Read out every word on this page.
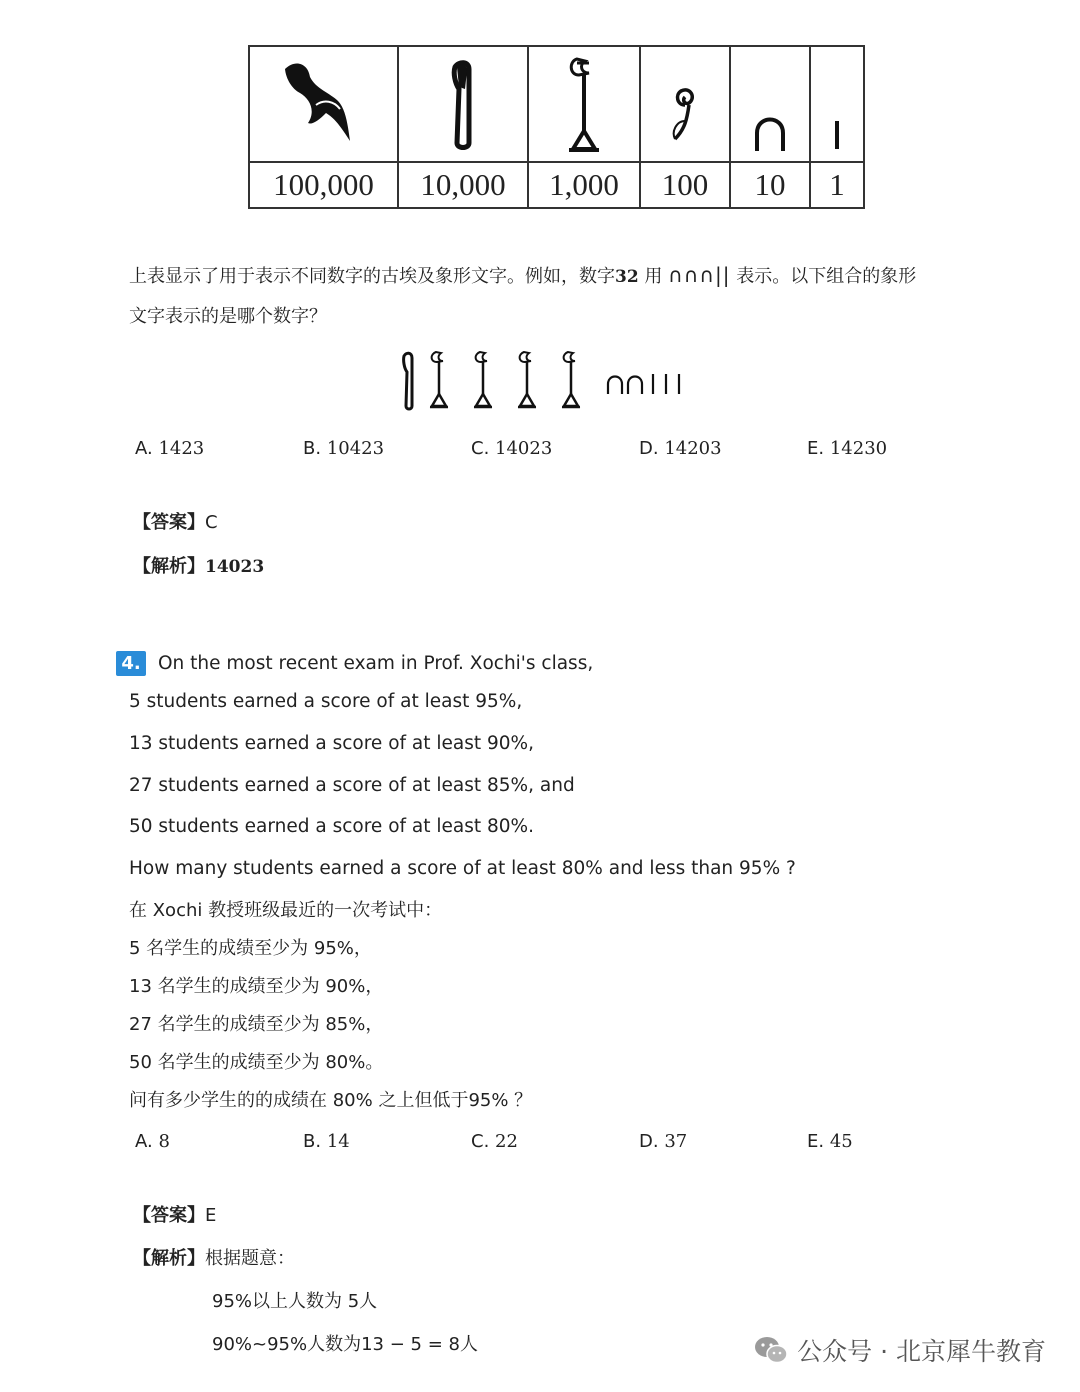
100,000	10,000	1,000	100	10	1
上表显示了用于表示不同数字的古埃及象形文字。例如，数字32 用 ∩∩∩|| 表示。以下组合的象形
文字表示的是哪个数字？
A. 1423	B. 10423	C. 14023	D. 14203	E. 14230
【答案】C
【解析】14023
4. On the most recent exam in Prof. Xochi's class,
5 students earned a score of at least 95%,
13 students earned a score of at least 90%,
27 students earned a score of at least 85%, and
50 students earned a score of at least 80%.
How many students earned a score of at least 80% and less than 95% ?
在 Xochi 教授班级最近的一次考试中：
5 名学生的成绩至少为 95%，
13 名学生的成绩至少为 90%，
27 名学生的成绩至少为 85%，
50 名学生的成绩至少为 80%。
问有多少学生的的成绩在 80% 之上但低于95% ？
A. 8	B. 14	C. 22	D. 37	E. 45
【答案】E
【解析】根据题意：
95%以上人数为 5人
90%~95%人数为13 − 5 = 8人	公众号 · 北京犀牛教育
